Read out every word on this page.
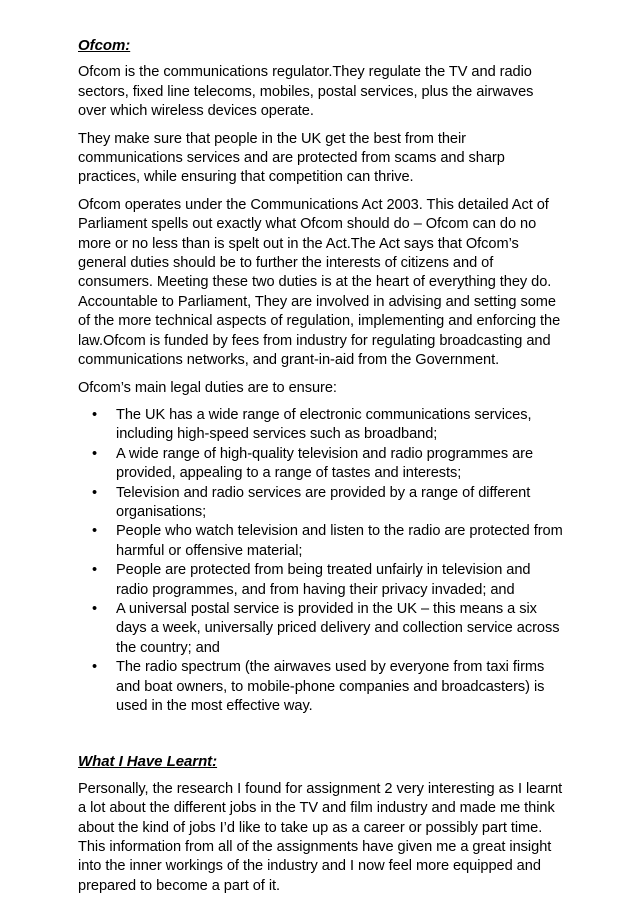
Ofcom:

Ofcom is the communications regulator.They regulate the TV and radio sectors, fixed line telecoms, mobiles, postal services, plus the airwaves over which wireless devices operate.

They make sure that people in the UK get the best from their communications services and are protected from scams and sharp practices, while ensuring that competition can thrive.

Ofcom operates under the Communications Act 2003. This detailed Act of Parliament spells out exactly what Ofcom should do – Ofcom can do no more or no less than is spelt out in the Act.The Act says that Ofcom’s general duties should be to further the interests of citizens and of consumers. Meeting these two duties is at the heart of everything they do. Accountable to Parliament, They are involved in advising and setting some of the more technical aspects of regulation, implementing and enforcing the law.Ofcom is funded by fees from industry for regulating broadcasting and communications networks, and grant-in-aid from the Government.

Ofcom’s main legal duties are to ensure:

• The UK has a wide range of electronic communications services, including high-speed services such as broadband;
• A wide range of high-quality television and radio programmes are provided, appealing to a range of tastes and interests;
• Television and radio services are provided by a range of different organisations;
• People who watch television and listen to the radio are protected from harmful or offensive material;
• People are protected from being treated unfairly in television and radio programmes, and from having their privacy invaded; and
• A universal postal service is provided in the UK – this means a six days a week, universally priced delivery and collection service across the country; and
• The radio spectrum (the airwaves used by everyone from taxi firms and boat owners, to mobile-phone companies and broadcasters) is used in the most effective way.
What I Have Learnt:

Personally, the research I found for assignment 2 very interesting as I learnt a lot about the different jobs in the TV and film industry and made me think about the kind of jobs I’d like to take up as a career or possibly part time. This information from all of the assignments have given me a great insight into the inner workings of the industry and I now feel more equipped and prepared to become a part of it.
